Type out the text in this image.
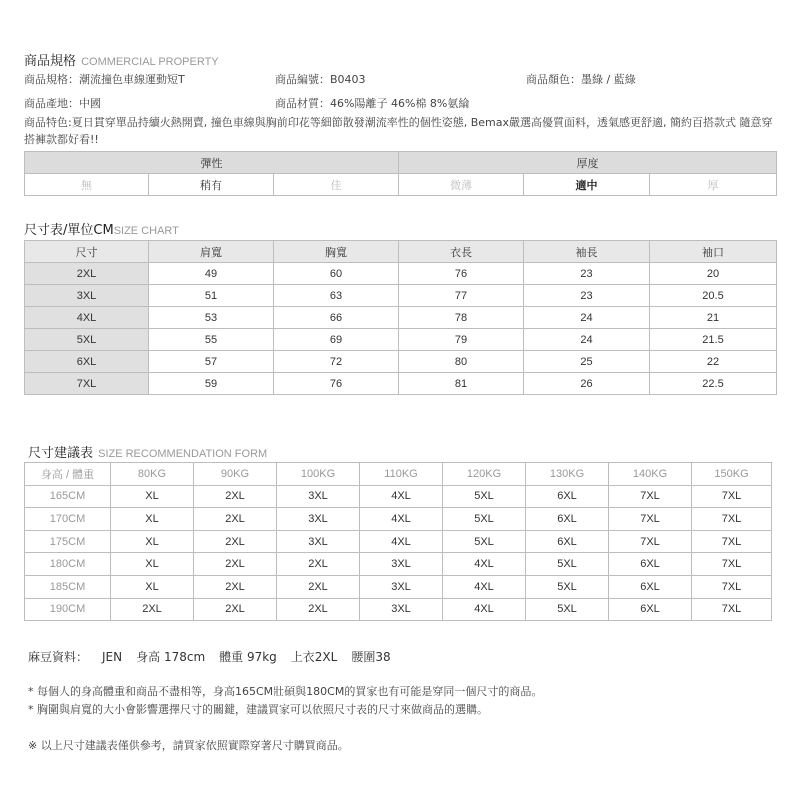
商品規格 COMMERCIAL PROPERTY
商品規格：潮流撞色車線運動短T	商品編號：B0403	商品顏色：墨綠 / 藍綠
商品產地：中國	商品材質：46%陽離子 46%棉 8%氨綸
商品特色:夏日貫穿單品持續火熱開賣, 撞色車線與胸前印花等細節散發潮流率性的個性姿態, Bemax嚴選高優質面料，透氣感更舒適, 簡約百搭款式 隨意穿搭褲款都好看!!
彈性			厚度		
無	稍有	佳	微薄	適中	厚
尺寸表/單位CMSIZE CHART
尺寸	肩寬	胸寬	衣長	袖長	袖口
2XL	49	60	76	23	20
3XL	51	63	77	23	20.5
4XL	53	66	78	24	21
5XL	55	69	79	24	21.5
6XL	57	72	80	25	22
7XL	59	76	81	26	22.5
尺寸建議表 SIZE RECOMMENDATION FORM
身高 / 體重	80KG	90KG	100KG	110KG	120KG	130KG	140KG	150KG
165CM	XL	2XL	3XL	4XL	5XL	6XL	7XL	7XL
170CM	XL	2XL	3XL	4XL	5XL	6XL	7XL	7XL
175CM	XL	2XL	3XL	4XL	5XL	6XL	7XL	7XL
180CM	XL	2XL	2XL	3XL	4XL	5XL	6XL	7XL
185CM	XL	2XL	2XL	3XL	4XL	5XL	6XL	7XL
190CM	2XL	2XL	2XL	3XL	4XL	5XL	6XL	7XL
麻豆資料： JEN 身高 178cm 體重 97kg 上衣2XL 腰圍38
* 每個人的身高體重和商品不盡相等，身高165CM壯碩與180CM的買家也有可能是穿同一個尺寸的商品。
* 胸圍與肩寬的大小會影響選擇尺寸的關鍵，建議買家可以依照尺寸表的尺寸來做商品的選購。
※ 以上尺寸建議表僅供參考，請買家依照實際穿著尺寸購買商品。
